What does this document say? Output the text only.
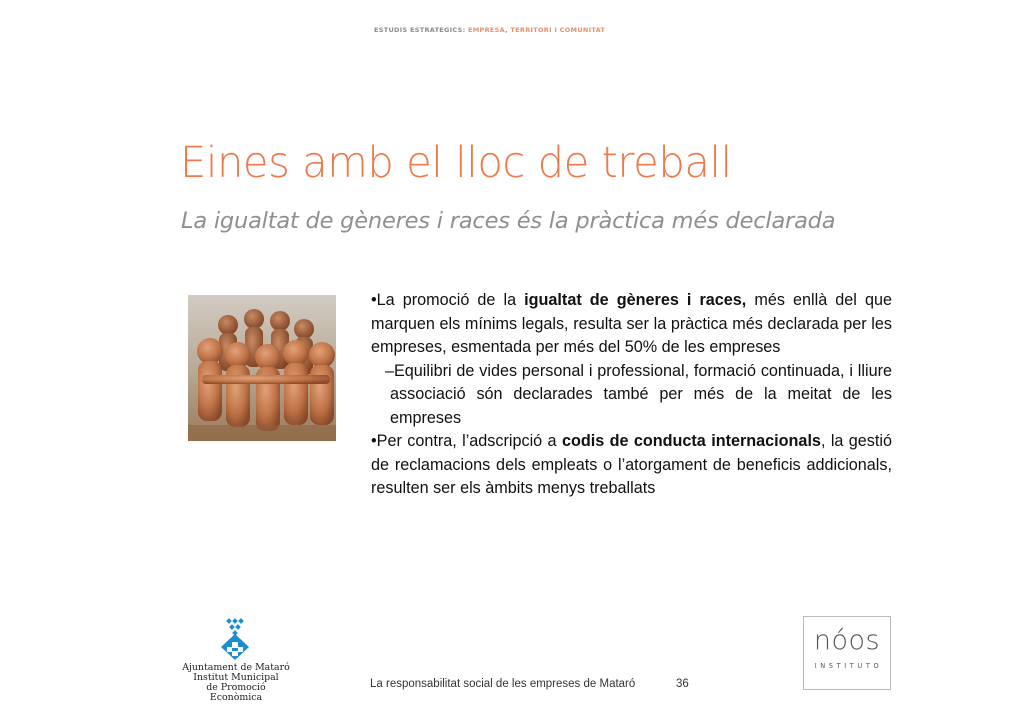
ESTUDIS ESTRATEGICS: EMPRESA, TERRITORI I COMUNITAT
Eines amb el lloc de treball
La igualtat de gèneres i races és la pràctica més declarada
•La promoció de la igualtat de gèneres i races, més enllà del que marquen els mínims legals, resulta ser la pràctica més declarada per les empreses, esmentada per més del 50% de les empreses
–Equilibri de vides personal i professional, formació continuada, i lliure associació són declarades també per més de la meitat de les empreses
•Per contra, l’adscripció a codis de conducta internacionals, la gestió de reclamacions dels empleats o l’atorgament de beneficis addicionals, resulten ser els àmbits menys treballats
Ajuntament de Mataró
Institut Municipal
de Promoció Econòmica
La responsabilitat social de les empreses de Mataró	36
nóos
INSTITUTO
